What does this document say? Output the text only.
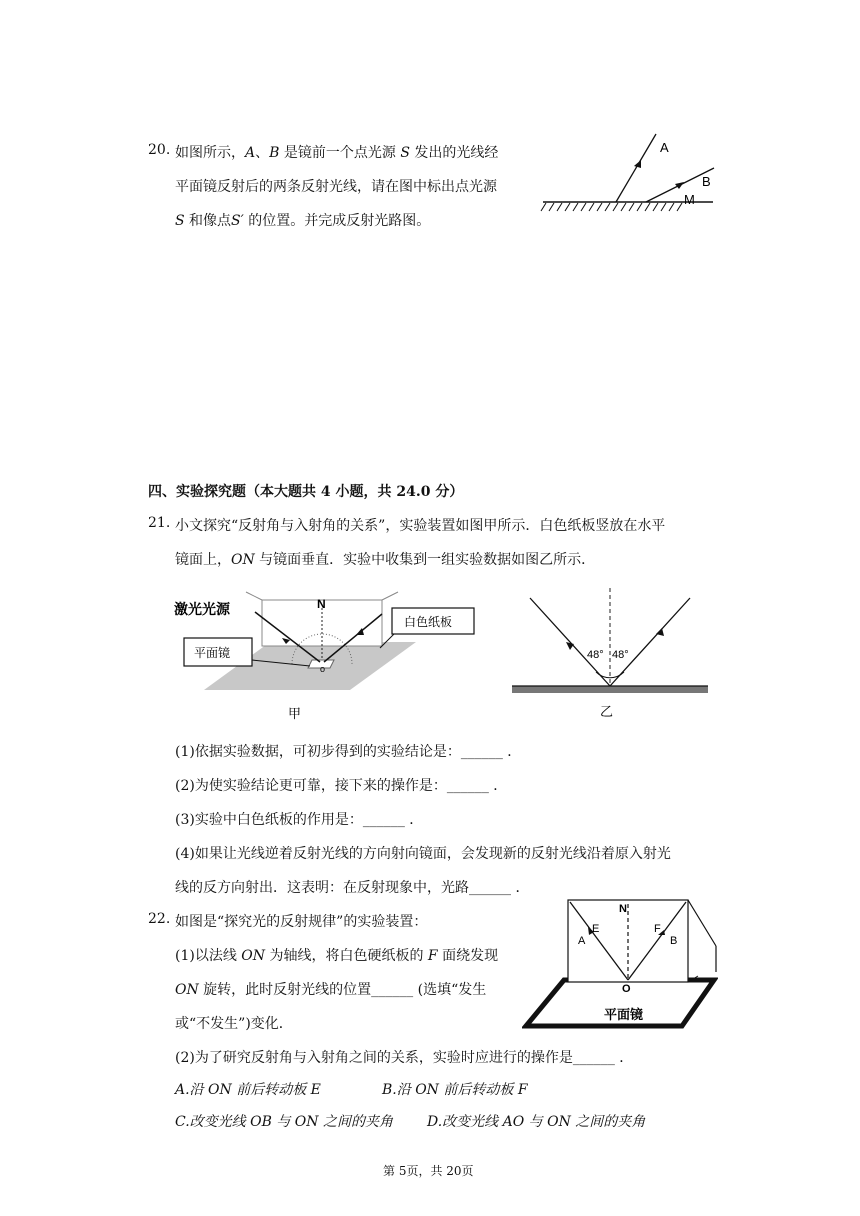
20. 如图所示，A、B 是镜前一个点光源 S 发出的光线经
平面镜反射后的两条反射光线，请在图中标出点光源
S 和像点S′ 的位置。并完成反射光路图。
A
B
M
四、实验探究题（本大题共 4 小题，共 24.0 分）
21. 小文探究“反射角与入射角的关系”，实验装置如图甲所示．白色纸板竖放在水平
镜面上，ON 与镜面垂直．实验中收集到一组实验数据如图乙所示．
N
o
激光光源
白色纸板
平面镜
甲
48° 48°
乙
(1)依据实验数据，可初步得到的实验结论是：______ ．
(2)为使实验结论更可靠，接下来的操作是：______ ．
(3)实验中白色纸板的作用是：______ ．
(4)如果让光线逆着反射光线的方向射向镜面，会发现新的反射光线沿着原入射光
线的反方向射出．这表明：在反射现象中，光路______ ．
22. 如图是“探究光的反射规律”的实验装置：
(1)以法线 ON 为轴线，将白色硬纸板的 F 面绕发现
ON 旋转，此时反射光线的位置______ (选填“发生
或“不发生”)变化．
N
E	F
A	B
O
平面镜
(2)为了研究反射角与入射角之间的关系，实验时应进行的操作是______ ．
A.沿 ON 前后转动板 E	B.沿 ON 前后转动板 F
C.改变光线 OB 与 ON 之间的夹角 D.改变光线 AO 与 ON 之间的夹角
第 5页，共 20页
